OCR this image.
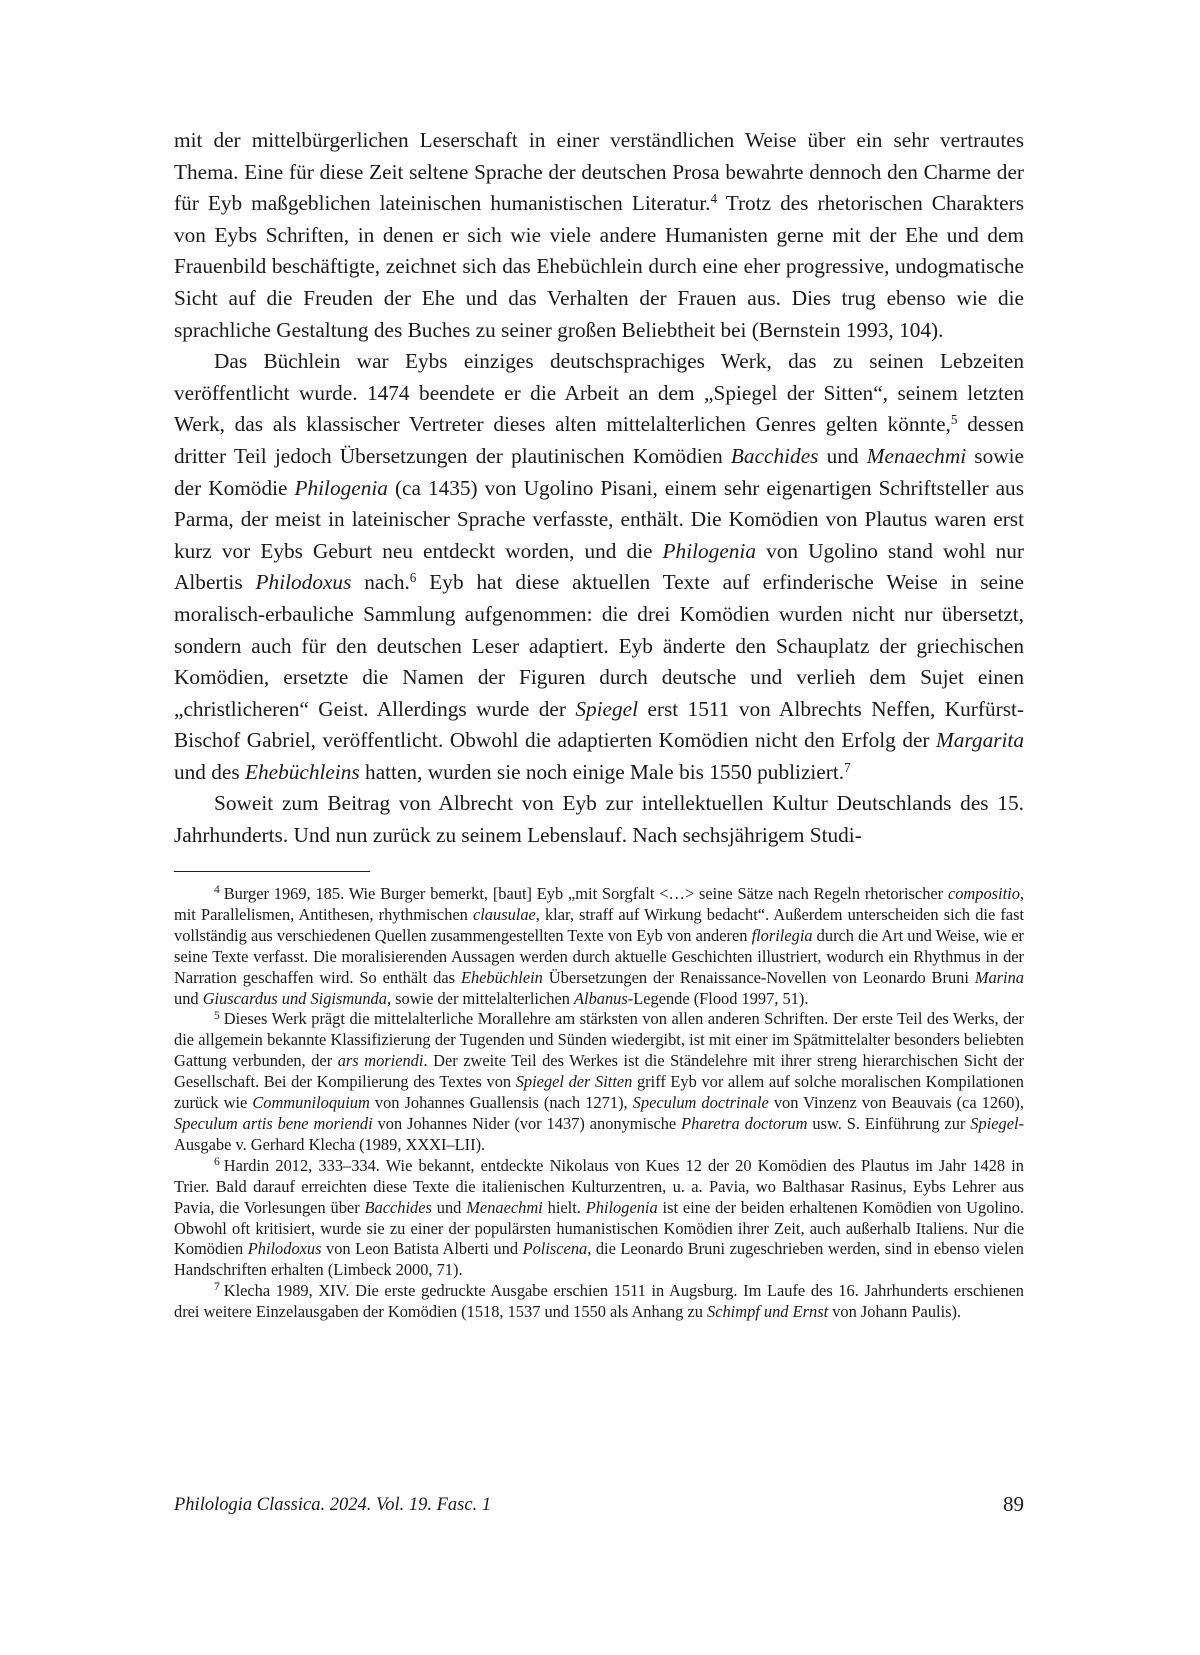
mit der mittelbürgerlichen Leserschaft in einer verständlichen Weise über ein sehr vertrautes Thema. Eine für diese Zeit seltene Sprache der deutschen Prosa bewahrte dennoch den Charme der für Eyb maßgeblichen lateinischen humanistischen Literatur.$^4$ Trotz des rhetorischen Charakters von Eybs Schriften, in denen er sich wie viele andere Humanisten gerne mit der Ehe und dem Frauenbild beschäftigte, zeichnet sich das Ehebüchlein durch eine eher progressive, undogmatische Sicht auf die Freuden der Ehe und das Verhalten der Frauen aus. Dies trug ebenso wie die sprachliche Gestaltung des Buches zu seiner großen Beliebtheit bei (Bernstein 1993, 104).

Das Büchlein war Eybs einziges deutschsprachiges Werk, das zu seinen Lebzeiten veröffentlicht wurde. 1474 beendete er die Arbeit an dem „Spiegel der Sitten“, seinem letzten Werk, das als klassischer Vertreter dieses alten mittelalterlichen Genres gelten könnte,$^5$ dessen dritter Teil jedoch Übersetzungen der plautinischen Komödien Bacchides und Menaechmi sowie der Komödie Philogenia (ca 1435) von Ugolino Pisani, einem sehr eigenartigen Schriftsteller aus Parma, der meist in lateinischer Sprache verfasste, enthält. Die Komödien von Plautus waren erst kurz vor Eybs Geburt neu entdeckt worden, und die Philogenia von Ugolino stand wohl nur Albertis Philodoxus nach.$^6$ Eyb hat diese aktuellen Texte auf erfinderische Weise in seine moralisch-erbauliche Sammlung aufgenommen: die drei Komödien wurden nicht nur übersetzt, sondern auch für den deutschen Leser adaptiert. Eyb änderte den Schauplatz der griechischen Komödien, ersetzte die Namen der Figuren durch deutsche und verlieh dem Sujet einen „christlicheren“ Geist. Allerdings wurde der Spiegel erst 1511 von Albrechts Neffen, Kurfürst-Bischof Gabriel, veröffentlicht. Obwohl die adaptierten Komödien nicht den Erfolg der Margarita und des Ehebüchleins hatten, wurden sie noch einige Male bis 1550 publiziert.$^7$

Soweit zum Beitrag von Albrecht von Eyb zur intellektuellen Kultur Deutschlands des 15. Jahrhunderts. Und nun zurück zu seinem Lebenslauf. Nach sechsjährigem Studi-

$^4$ Burger 1969, 185. Wie Burger bemerkt, [baut] Eyb „mit Sorgfalt <…> seine Sätze nach Regeln rhetorischer compositio, mit Parallelismen, Antithesen, rhythmischen clausulae, klar, straff auf Wirkung bedacht“. Außerdem unterscheiden sich die fast vollständig aus verschiedenen Quellen zusammengestellten Texte von Eyb von anderen florilegia durch die Art und Weise, wie er seine Texte verfasst. Die moralisierenden Aussagen werden durch aktuelle Geschichten illustriert, wodurch ein Rhythmus in der Narration geschaffen wird. So enthält das Ehebüchlein Übersetzungen der Renaissance-Novellen von Leonardo Bruni Marina und Giuscardus und Sigismunda, sowie der mittelalterlichen Albanus-Legende (Flood 1997, 51).

$^5$ Dieses Werk prägt die mittelalterliche Morallehre am stärksten von allen anderen Schriften. Der erste Teil des Werks, der die allgemein bekannte Klassifizierung der Tugenden und Sünden wiedergibt, ist mit einer im Spätmittelalter besonders beliebten Gattung verbunden, der ars moriendi. Der zweite Teil des Werkes ist die Ständelehre mit ihrer streng hierarchischen Sicht der Gesellschaft. Bei der Kompilierung des Textes von Spiegel der Sitten griff Eyb vor allem auf solche moralischen Kompilationen zurück wie Communiloquium von Johannes Guallensis (nach 1271), Speculum doctrinale von Vinzenz von Beauvais (ca 1260), Speculum artis bene moriendi von Johannes Nider (vor 1437) anonymische Pharetra doctorum usw. S. Einführung zur Spiegel-Ausgabe v. Gerhard Klecha (1989, XXXI–LII).

$^6$ Hardin 2012, 333–334. Wie bekannt, entdeckte Nikolaus von Kues 12 der 20 Komödien des Plautus im Jahr 1428 in Trier. Bald darauf erreichten diese Texte die italienischen Kulturzentren, u. a. Pavia, wo Balthasar Rasinus, Eybs Lehrer aus Pavia, die Vorlesungen über Bacchides und Menaechmi hielt. Philogenia ist eine der beiden erhaltenen Komödien von Ugolino. Obwohl oft kritisiert, wurde sie zu einer der populärsten humanistischen Komödien ihrer Zeit, auch außerhalb Italiens. Nur die Komödien Philodoxus von Leon Batista Alberti und Poliscena, die Leonardo Bruni zugeschrieben werden, sind in ebenso vielen Handschriften erhalten (Limbeck 2000, 71).

$^7$ Klecha 1989, XIV. Die erste gedruckte Ausgabe erschien 1511 in Augsburg. Im Laufe des 16. Jahrhunderts erschienen drei weitere Einzelausgaben der Komödien (1518, 1537 und 1550 als Anhang zu Schimpf und Ernst von Johann Paulis).

Philologia Classica. 2024. Vol. 19. Fasc. 1	89
